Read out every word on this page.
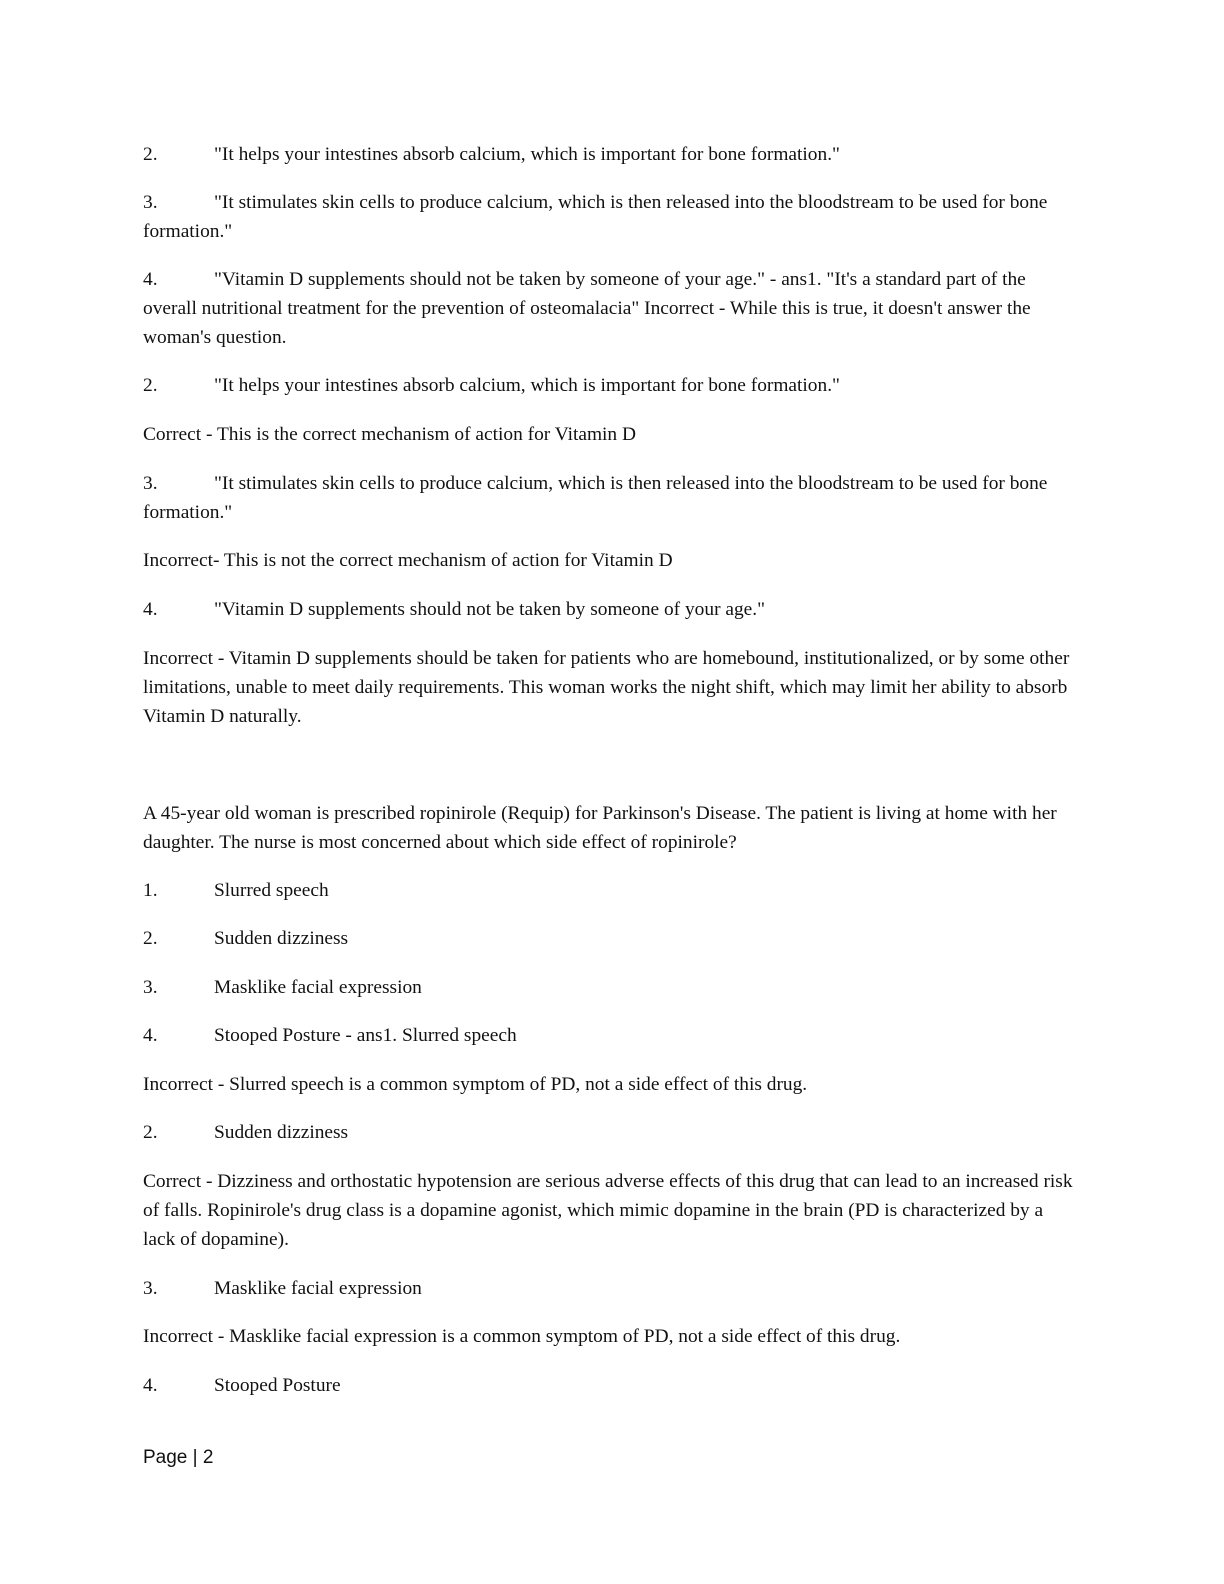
2.	"It helps your intestines absorb calcium, which is important for bone formation."
3.	"It stimulates skin cells to produce calcium, which is then released into the bloodstream to be used for bone formation."
4.	"Vitamin D supplements should not be taken by someone of your age." - ans1. "It's a standard part of the overall nutritional treatment for the prevention of osteomalacia" Incorrect - While this is true, it doesn't answer the woman's question.
2.	"It helps your intestines absorb calcium, which is important for bone formation."
Correct - This is the correct mechanism of action for Vitamin D
3.	"It stimulates skin cells to produce calcium, which is then released into the bloodstream to be used for bone formation."
Incorrect- This is not the correct mechanism of action for Vitamin D
4.	"Vitamin D supplements should not be taken by someone of your age."
Incorrect - Vitamin D supplements should be taken for patients who are homebound, institutionalized, or by some other limitations, unable to meet daily requirements. This woman works the night shift, which may limit her ability to absorb Vitamin D naturally.
A 45-year old woman is prescribed ropinirole (Requip) for Parkinson's Disease. The patient is living at home with her daughter. The nurse is most concerned about which side effect of ropinirole?
1.	Slurred speech
2.	Sudden dizziness
3.	Masklike facial expression
4.	Stooped Posture - ans1. Slurred speech
Incorrect - Slurred speech is a common symptom of PD, not a side effect of this drug.
2.	Sudden dizziness
Correct - Dizziness and orthostatic hypotension are serious adverse effects of this drug that can lead to an increased risk of falls. Ropinirole's drug class is a dopamine agonist, which mimic dopamine in the brain (PD is characterized by a lack of dopamine).
3.	Masklike facial expression
Incorrect - Masklike facial expression is a common symptom of PD, not a side effect of this drug.
4.	Stooped Posture
Page | 2
